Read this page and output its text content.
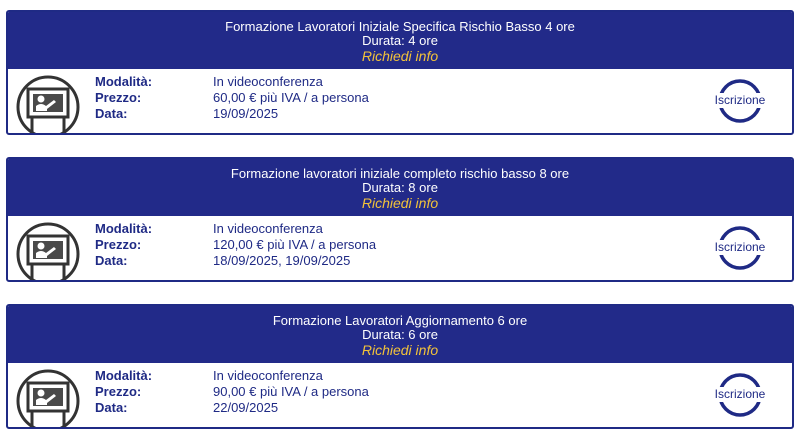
Formazione Lavoratori Iniziale Specifica Rischio Basso 4 ore
Durata: 4 ore
Richiedi info
Modalità:
Prezzo:
Data:
In videoconferenza
60,00 € più IVA / a persona
19/09/2025
Iscrizione
Formazione lavoratori iniziale completo rischio basso 8 ore
Durata: 8 ore
Richiedi info
Modalità:
Prezzo:
Data:
In videoconferenza
120,00 € più IVA / a persona
18/09/2025, 19/09/2025
Iscrizione
Formazione Lavoratori Aggiornamento 6 ore
Durata: 6 ore
Richiedi info
Modalità:
Prezzo:
Data:
In videoconferenza
90,00 € più IVA / a persona
22/09/2025
Iscrizione
